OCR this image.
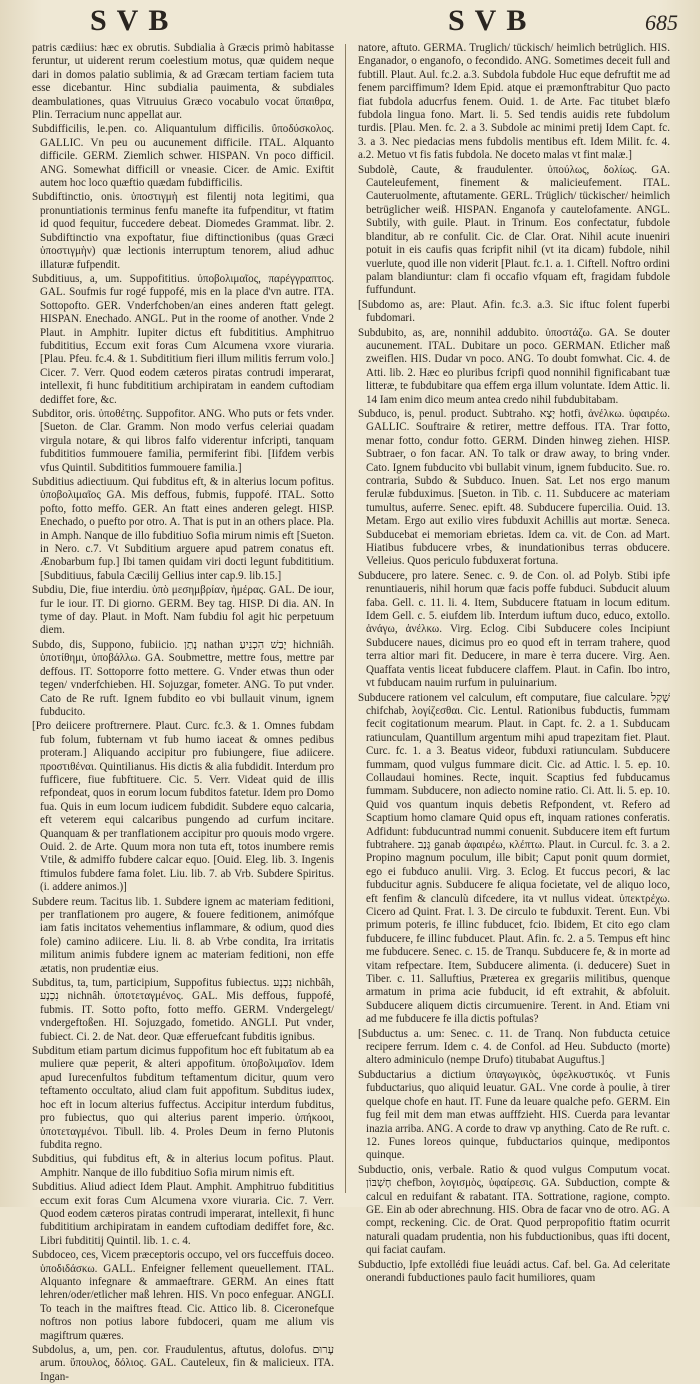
SVB	SVB	685

patris cædiius: hæc ex obrutis. Subdialia à Græcis primò habitasse feruntur, ut uiderent rerum coelestium motus, quæ quidem neque dari in domos palatio sublimia, & ad Græcam tertiam faciem tuta esse dicebantur. Hinc subdialia pauimenta, & subdiales deambulationes, quas Vitruuius Græco vocabulo vocat ὕπαιθρα, Plin. Terracium nunc appellat aur.

Subdifficilis, le.pen. co. Aliquantulum difficilis. ΰποδύσκολος. GALLIC. Vn peu ou aucunement difficile. ITAL. Alquanto difficile. GERM. Ziemlich schwer. HISPAN. Vn poco difficil. ANG. Somewhat difficill or vneasie. Cicer. de Amic. Exiftit autem hoc loco quæftio quædam fubdifficilis.

Subdiftinctio, onis. ὑποστιγμὴ est filentij nota legitimi, qua pronuntiationis terminus fenfu manefte ita fufpenditur, vt ftatim id quod fequitur, fuccedere debeat. Diomedes Grammat. libr. 2. Subdiftinctio vna expoftatur, fiue diftinctionibus (quas Græci ὑποστιγμὴν) quæ lectionis interruptum tenorem, aliud adhuc illaturæ fufpendit.

Subditiuus, a, um. Suppofititius. ὑποβολιμαῖος, παρέγγραπτος. GAL. Soufmis fur rogé fuppofé, mis en la place d'vn autre. ITA. Sottopofto. GER. Vnderfchoben/an eines anderen ftatt gelegt. HISPAN. Enechado. ANGL. Put in the roome of another. Vnde 2 Plaut. in Amphitr. Iupiter dictus eft fubdititius. Amphitruo fubdititius, Eccum exit foras Cum Alcumena vxore viuraria. [Plau. Pfeu. fc.4. & 1. Subdititium fieri illum militis ferrum volo.] Cicer. 7. Verr. Quod eodem cæteros piratas contrudi imperarat, intellexit, fi hunc fubdititium archipiratam in eandem cuftodiam dediffet fore, &c.

Subditor, oris. ὑποθέτης. Suppofitor. ANG. Who puts or fets vnder. [Sueton. de Clar. Gramm. Non modo verfus celeriai quadam virgula notare, & qui libros falfo viderentur infcripti, tanquam fubdititios fummouere familia, permiferint fibi. [Iifdem verbis vfus Quintil. Subdititios fummouere familia.]

Subditius adiectiuum. Qui fubditus eft, & in alterius locum pofitus. ὑποβολιμαῖος GA. Mis deffous, fubmis, fuppofé. ITAL. Sotto pofto, fotto meffo. GER. An ftatt eines anderen gelegt. HISP. Enechado, o puefto por otro. A. That is put in an others place. Pla. in Amph. Nanque de illo fubditiuo Sofia mirum nimis eft [Sueton. in Nero. c.7. Vt Subditium arguere apud patrem conatus eft. Ænobarbum fup.] Ibi tamen quidam viri docti legunt fubdititium. [Subditiuus, fabula Cæcilij Gellius inter cap.9. lib.15.]

Subdiu, Die, fiue interdiu. ὑπὸ μεσημβρίαν, ἡμέρας. GAL. De iour, fur le iour. IT. Di giorno. GERM. Bey tag. HISP. Di dia. AN. In tyme of day. Plaut. in Moft. Nam fubdiu fol agit hic perpetuum diem.

Subdo, dis, Suppono, fubiicio. נָתַן nathan יָבַשׁ הִכְנִיעַ hichniâh. ὑποτίθημι, ὑποβάλλω. GA. Soubmettre, mettre fous, mettre par deffous. IT. Sottoporre fotto mettere. G. Vnder etwas thun oder tegen/ vnderfchieben. HI. Sojuzgar, fometer. ANG. To put vnder. Cato de Re ruft. Ignem fubdito eo vbi bullauit vinum, ignem fubducito.

[Pro deiicere proftrernere. Plaut. Curc. fc.3. & 1. Omnes fubdam fub folum, fubternam vt fub humo iaceat & omnes pedibus proteram.] Aliquando accipitur pro fubiungere, fiue adiicere. προστιθέναι. Quintilianus. His dictis & alia fubdidit. Interdum pro fufficere, fiue fubftituere. Cic. 5. Verr. Videat quid de illis refpondeat, quos in eorum locum fubditos fatetur. Idem pro Domo fua. Quis in eum locum iudicem fubdidit. Subdere equo calcaria, eft veterem equi calcaribus pungendo ad curfum incitare. Quanquam & per tranflationem accipitur pro quouis modo vrgere. Ouid. 2. de Arte. Quum mora non tuta eft, totos inumbere remis Vtile, & admiffo fubdere calcar equo. [Ouid. Eleg. lib. 3. Ingenis ftimulos fubdere fama folet. Liu. lib. 7. ab Vrb. Subdere Spiritus. (i. addere animos.)]

Subdere reum. Tacitus lib. 1. Subdere ignem ac materiam feditioni, per tranflationem pro augere, & fouere feditionem, animófque iam fatis incitatos vehementius inflammare, & odium, quod dies fole) camino adiicere. Liu. li. 8. ab Vrbe condita, Ira irritatis militum animis fubdere ignem ac materiam feditioni, non effe ætatis, non prudentiæ eius.

Subditus, ta, tum, participium, Suppofitus fubiectus. נִכְנָע nichbâh, נִכְנָע nichnâh. ὑποτεταγμένος. GAL. Mis deffous, fuppofé, fubmis. IT. Sotto pofto, fotto meffo. GERM. Vndergelegt/ vndergeftoßen. HI. Sojuzgado, fometido. ANGLI. Put vnder, fubiect. Ci. 2. de Nat. deor. Quæ efferuefcant fubditis ignibus.

Subditum etiam partum dicimus fuppofitum hoc eft fubitatum ab ea muliere quæ peperit, & alteri appofitum. ὑποβολιμαῖον. Idem apud Iurecenfultos fubditum teftamentum dicitur, quum vero teftamento occultato, aliud clam fuit appofitum. Subditus iudex, hoc eft in locum alterius fuffectus. Accipitur interdum fubditus, pro fubiectus, quo qui alterius parent imperio. ὑπήκοοι, ὑποτεταγμένοι. Tibull. lib. 4. Proles Deum in ferno Plutonis fubdita regno.

Subditius, qui fubditus eft, & in alterius locum pofitus. Plaut. Amphitr. Nanque de illo fubditiuo Sofia mirum nimis eft.

Subditius. Aliud adiect Idem Plaut. Amphit. Amphitruo fubdititius eccum exit foras Cum Alcumena vxore viuraria. Cic. 7. Verr. Quod eodem cæteros piratas contrudi imperarat, intellexit, fi hunc fubdititium archipiratam in eandem cuftodiam dediffet fore, &c. Libri fubdititij Quintil. lib. 1. c. 4.

Subdoceo, ces, Vicem præceptoris occupo, vel ors fucceffuis doceo. ὑποδιδάσκω. GALL. Enfeigner fellement queuellement. ITAL. Alquanto infegnare & ammaeftrare. GERM. An eines ftatt lehren/oder/etlicher maß lehren. HIS. Vn poco enfeguar. ANGLI. To teach in the maiftres ftead. Cic. Attico lib. 8. Ciceronefque noftros non potius labore fubdoceri, quam me alium vis magiftrum quæres.

Subdolus, a, um, pen. cor. Fraudulentus, aftutus, dolofus. עָרוּם arum. ὕπουλος, δόλιος. GAL. Cauteleux, fin & malicieux. ITA. Ingan-

natore, aftuto. GERMA. Truglich/ tückisch/ heimlich betrüglich. HIS. Enganador, o enganofo, o fecondido. ANG. Sometimes deceit full and fubtill. Plaut. Aul. fc.2. a.3. Subdola fubdole Huc eque defruftit me ad fenem parciffimum? Idem Epid. atque ei præmonftrabitur Quo pacto fiat fubdola aducrfus fenem. Ouid. 1. de Arte. Fac titubet blæfo fubdola lingua fono. Mart. li. 5. Sed tendis auidis rete fubdolum turdis. [Plau. Men. fc. 2. a 3. Subdole ac minimi pretij Idem Capt. fc. 3. a 3. Nec piedacias mens fubdolis mentibus eft. Idem Milit. fc. 4. a.2. Metuo vt fis fatis fubdola. Ne doceto malas vt fint malæ.]

Subdolè, Caute, & fraudulenter. ὑπούλως, δολίως. GA. Cauteleufement, finement & malicieufement. ITAL. Cauteruolmente, aftutamente. GERL. Trüglich/ tückischer/ heimlich betrüglicher weiß. HISPAN. Enganofa y cautelofamente. ANGL. Subtily, with guile. Plaut. in Trinum. Eos confectatur, fubdole blanditur, ab re confulit. Cic. de Clar. Orat. Nihil acute inueniri potuit in eis caufis quas fcripfit nihil (vt ita dicam) fubdole, nihil vuerlute, quod ille non viderit [Plaut. fc.1. a. 1. Ciftell. Noftro ordini palam blandiuntur: clam fi occafio vfquam eft, fragidam fubdole fuffundunt.

[Subdomo as, are: Plaut. Afin. fc.3. a.3. Sic iftuc folent fuperbi fubdomari.

Subdubito, as, are, nonnihil addubito. ὑποστάζω. GA. Se douter aucunement. ITAL. Dubitare un poco. GERMAN. Etlicher maß zweiflen. HIS. Dudar vn poco. ANG. To doubt fomwhat. Cic. 4. de Atti. lib. 2. Hæc eo pluribus fcripfi quod nonnihil fignificabant tuæ litteræ, te fubdubitare qua effem erga illum voluntate. Idem Attic. li. 14 Iam enim dico meum antea credo nihil fubdubitabam.

Subduco, is, penul. product. Subtraho. יָצָא hotfi, ἀνέλκω. ὑφαιρέω. GALLIC. Souftraire & retirer, mettre deffous. ITA. Trar fotto, menar fotto, condur fotto. GERM. Dinden hinweg ziehen. HISP. Subtraer, o fon facar. AN. To talk or draw away, to bring vnder. Cato. Ignem fubducito vbi bullabit vinum, ignem fubducito. Sue. ro. contraria, Subdo & Subduco. Inuen. Sat. Let nos ergo manum ferulæ fubduximus. [Sueton. in Tib. c. 11. Subducere ac materiam tumultus, auferre. Senec. epift. 48. Subducere fupercilia. Ouid. 13. Metam. Ergo aut exilio vires fubduxit Achillis aut mortæ. Seneca. Subducebat ei memoriam ebrietas. Idem ca. vit. de Con. ad Mart. Hiatibus fubducere vrbes, & inundationibus terras obducere. Velleius. Quos periculo fubduxerat fortuna.

Subducere, pro latere. Senec. c. 9. de Con. ol. ad Polyb. Stibi ipfe renuntiaueris, nihil horum quæ facis poffe fubduci. Subducit aluum faba. Gell. c. 11. li. 4. Item, Subducere ftatuam in locum editum. Idem Gell. c. 5. eiufdem lib. Interdum iuftum duco, educo, extollo. ἀνάγω, ἀνέλκω. Virg. Eclog. Cibi Subducere coles Incipiunt Subducere naues, dicimus pro eo quod eft in terram trahere, quod terra altior mari fit. Deducere, in mare è terra ducere. Virg. Aen. Quaffata ventis liceat fubducere claffem. Plaut. in Cafin. Ibo intro, vt fubducam nauim rurfum in puluinarium.

Subducere rationem vel calculum, eft computare, fiue calculare. שָׁקַל chifchab, λογίζεσθαι. Cic. Lentul. Rationibus fubductis, fummam fecit cogitationum mearum. Plaut. in Capt. fc. 2. a 1. Subducam ratiunculam, Quantillum argentum mihi apud trapezitam fiet. Plaut. Curc. fc. 1. a 3. Beatus videor, fubduxi ratiunculam. Subducere fummam, quod vulgus fummare dicit. Cic. ad Attic. l. 5. ep. 10. Collaudaui homines. Recte, inquit. Scaptius fed fubducamus fummam. Subducere, non adiecto nomine ratio. Ci. Att. li. 5. ep. 10. Quid vos quantum inquis debetis Refpondent, vt. Refero ad Scaptium homo clamare Quid opus eft, inquam rationes conferatis. Adfidunt: fubducuntrad nummi conuenit. Subducere item eft furtum fubtrahere. גָּנַב ganab ἀφαιρέω, κλέπτω. Plaut. in Curcul. fc. 3. a 2. Propino magnum poculum, ille bibit; Caput ponit quum dormiet, ego ei fubduco anulii. Virg. 3. Eclog. Et fuccus pecori, & lac fubducitur agnis. Subducere fe aliqua focietate, vel de aliquo loco, eft fenfim & clanculù difcedere, ita vt nullus videat. ὑπεκτρέχω. Cicero ad Quint. Frat. l. 3. De circulo te fubduxit. Terent. Eun. Vbi primum poteris, fe illinc fubducet, fcio. Ibidem, Et cito ego clam fubducere, fe illinc fubducet. Plaut. Afin. fc. 2. a 5. Tempus eft hinc me fubducere. Senec. c. 15. de Tranqu. Subducere fe, & in morte ad vitam refpectare. Item, Subducere alimenta. (i. deducere) Suet in Tiber. c. 11. Salluftius, Præterea ex gregariis militibus, quenque armatum in prima acie fubducit, id eft extrahit, & abfoluit. Subducere aliquem dictis circumuenire. Terent. in And. Etiam vni ad me fubducere fe illa dictis poftulas?

[Subductus a. um: Senec. c. 11. de Tranq. Non fubducta cetuice recipere ferrum. Idem c. 4. de Confol. ad Heu. Subducto (morte) altero adminiculo (nempe Drufo) titubabat Auguftus.]

Subductarius a dictium ὑπαγωγικὸς, ὑφελκυστικός. vt Funis fubductarius, quo aliquid leuatur. GAL. Vne corde à poulie, à tirer quelque chofe en haut. IT. Fune da leuare qualche pefo. GERM. Ein fug feil mit dem man etwas aufffzieht. HIS. Cuerda para levantar inazia arriba. ANG. A corde to draw vp anything. Cato de Re ruft. c. 12. Funes loreos quinque, fubductarios quinque, medipontos quinque.

Subductio, onis, verbale. Ratio & quod vulgus Computum vocat. חֶשְׁבּוֹן chefbon, λογισμὸς, ὑφαίρεσις. GA. Subduction, compte & calcul en reduifant & rabatant. ITA. Sottratione, ragione, compto. GE. Ein ab oder abrechnung. HIS. Obra de facar vno de otro. AG. A compt, reckening. Cic. de Orat. Quod perpropofitio ftatim ocurrit naturali quadam prudentia, non his fubductionibus, quas ifti docent, qui faciat caufam.

Subductio, Ipfe extollédi fiue leuádi actus. Caf. bel. Ga. Ad celeritate onerandi fubductiones paulo facit humiliores, quam
